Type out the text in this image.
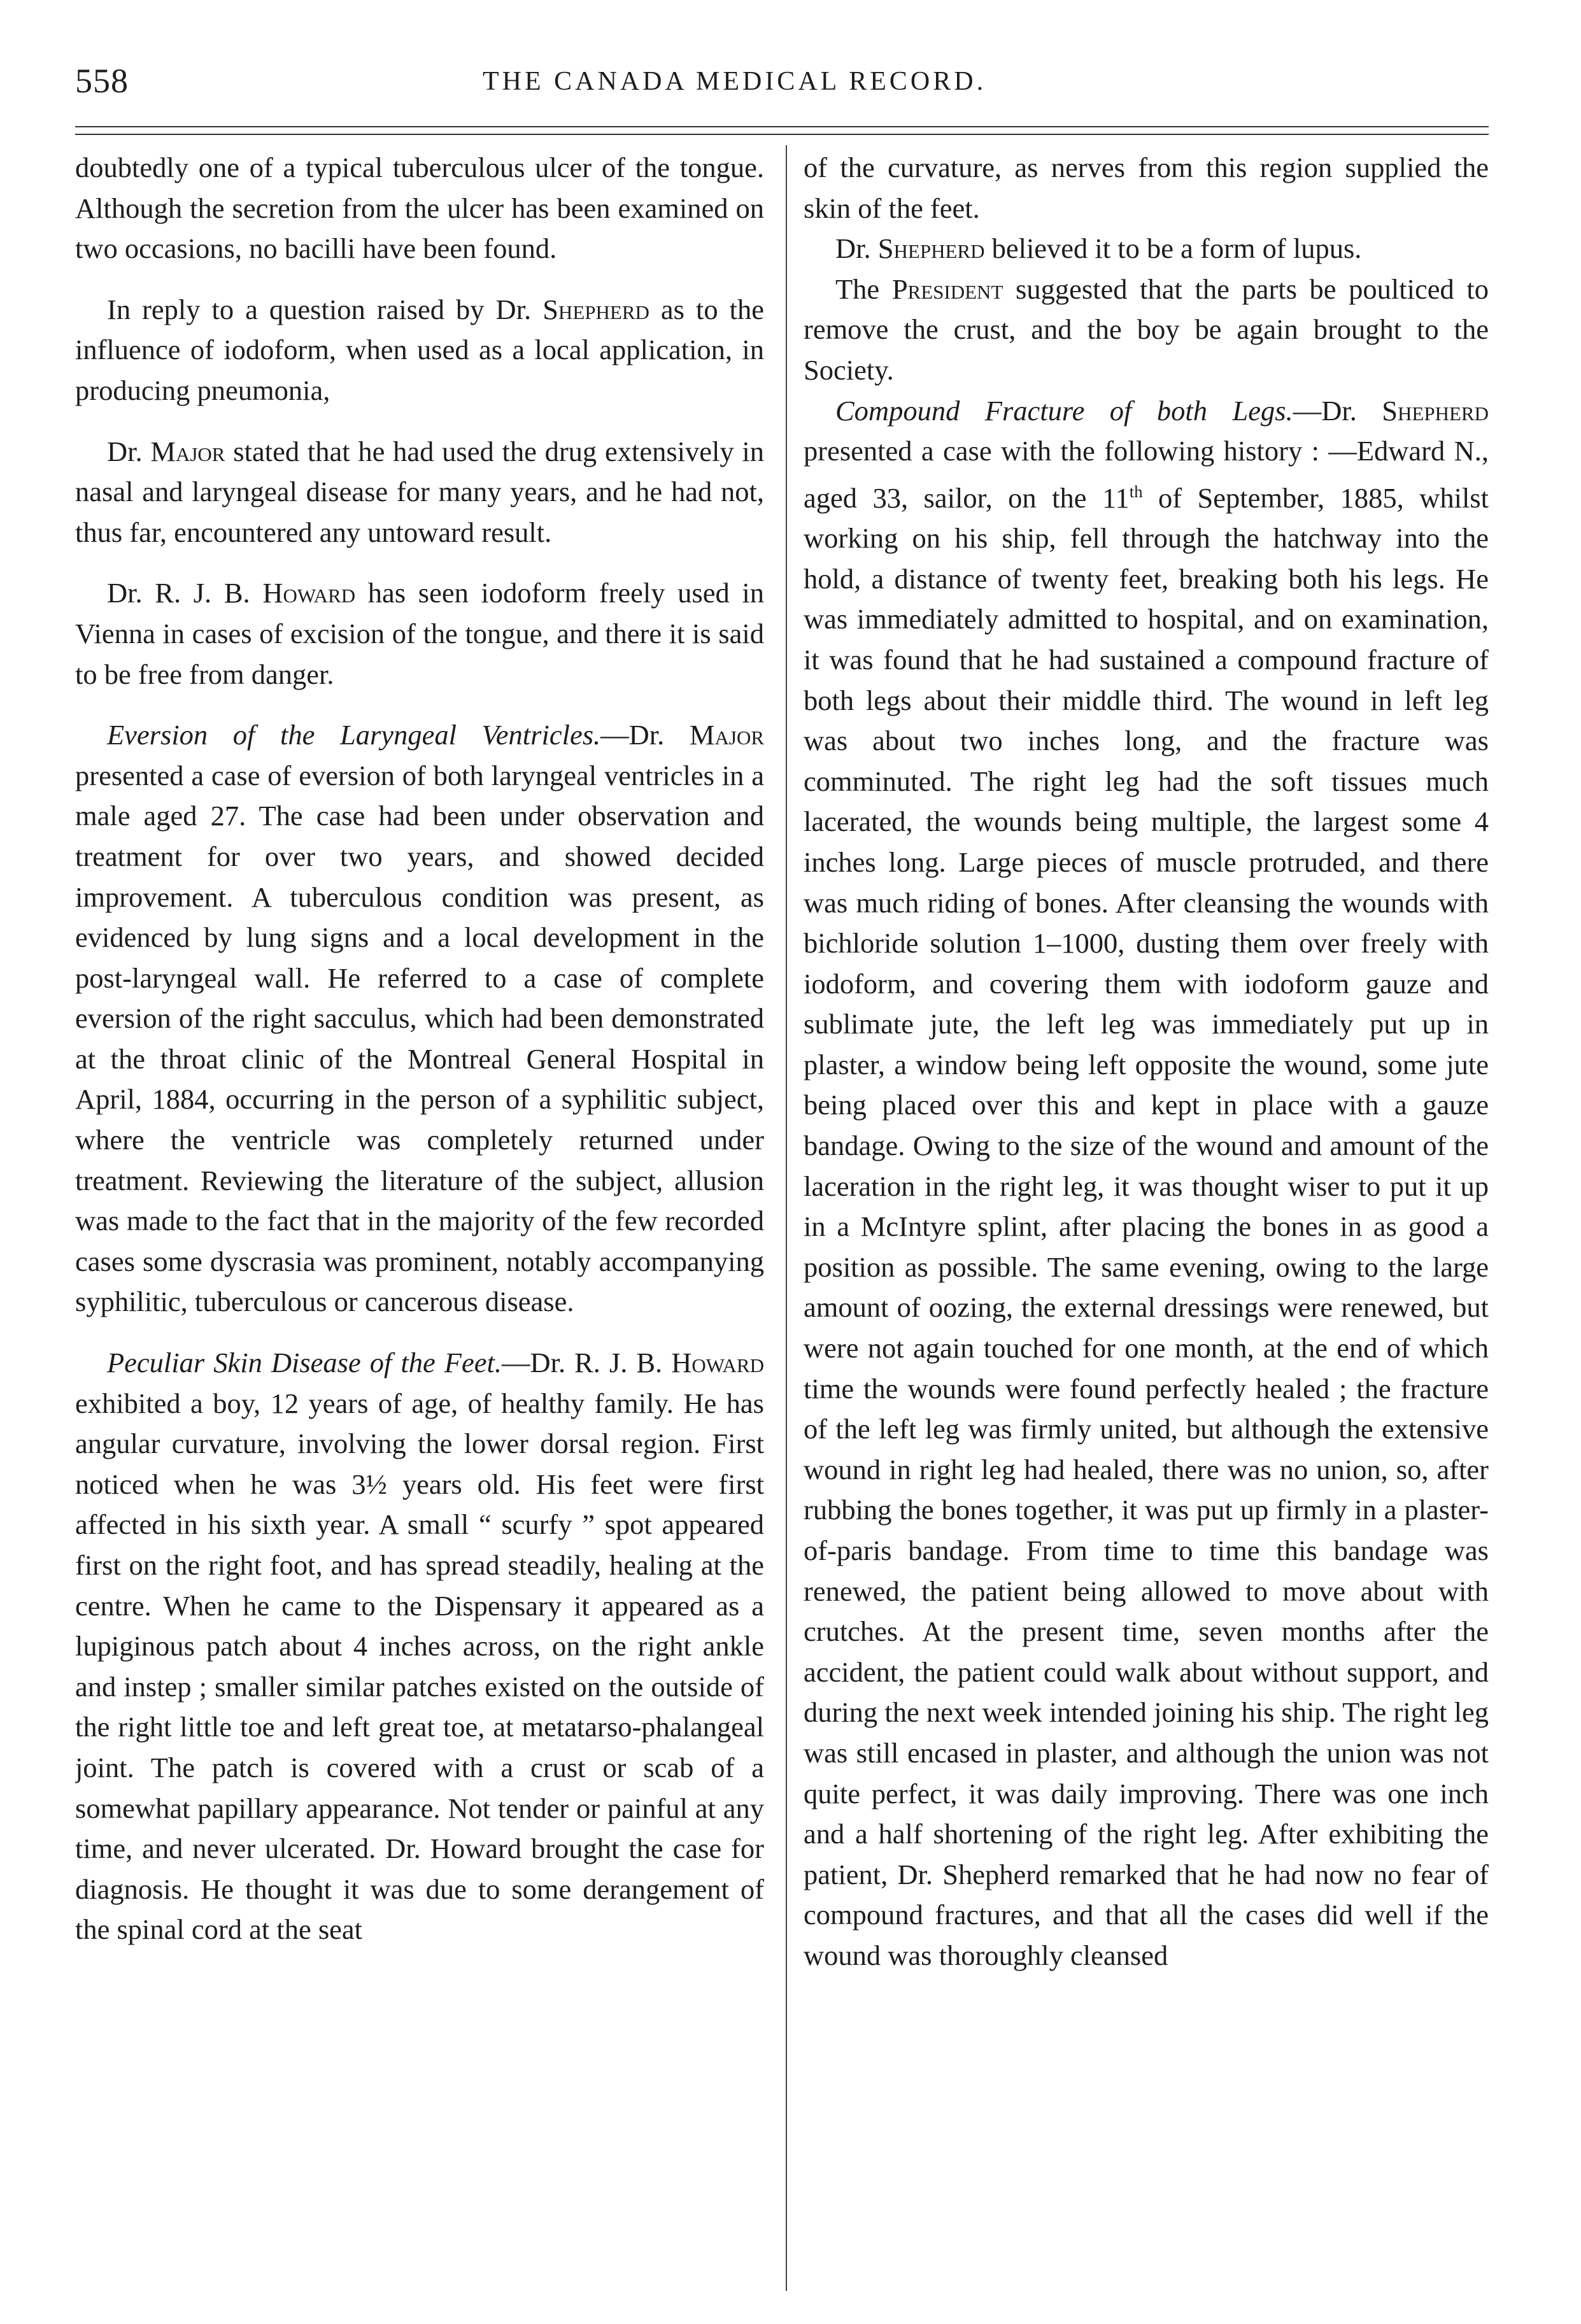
558	THE CANADA MEDICAL RECORD.

doubtedly one of a typical tuberculous ulcer of the tongue. Although the secretion from the ulcer has been examined on two occasions, no bacilli have been found.

In reply to a question raised by Dr. Shepherd as to the influence of iodoform, when used as a local application, in producing pneumonia,

Dr. Major stated that he had used the drug extensively in nasal and laryngeal disease for many years, and he had not, thus far, encountered any untoward result.

Dr. R. J. B. Howard has seen iodoform freely used in Vienna in cases of excision of the tongue, and there it is said to be free from danger.

Eversion of the Laryngeal Ventricles.—Dr. Major presented a case of eversion of both laryngeal ventricles in a male aged 27. The case had been under observation and treatment for over two years, and showed decided improvement. A tuberculous condition was present, as evidenced by lung signs and a local development in the post-laryngeal wall. He referred to a case of complete eversion of the right sacculus, which had been demonstrated at the throat clinic of the Montreal General Hospital in April, 1884, occurring in the person of a syphilitic subject, where the ventricle was completely returned under treatment. Reviewing the literature of the subject, allusion was made to the fact that in the majority of the few recorded cases some dyscrasia was prominent, notably accompanying syphilitic, tuberculous or cancerous disease.

Peculiar Skin Disease of the Feet.—Dr. R. J. B. Howard exhibited a boy, 12 years of age, of healthy family. He has angular curvature, involving the lower dorsal region. First noticed when he was 3½ years old. His feet were first affected in his sixth year. A small “ scurfy ” spot appeared first on the right foot, and has spread steadily, healing at the centre. When he came to the Dispensary it appeared as a lupiginous patch about 4 inches across, on the right ankle and instep ; smaller similar patches existed on the outside of the right little toe and left great toe, at metatarso-phalangeal joint. The patch is covered with a crust or scab of a somewhat papillary appearance. Not tender or painful at any time, and never ulcerated. Dr. Howard brought the case for diagnosis. He thought it was due to some derangement of the spinal cord at the seat

of the curvature, as nerves from this region supplied the skin of the feet.

Dr. Shepherd believed it to be a form of lupus.

The President suggested that the parts be poulticed to remove the crust, and the boy be again brought to the Society.

Compound Fracture of both Legs.—Dr. Shepherd presented a case with the following history : —Edward N., aged 33, sailor, on the 11th of September, 1885, whilst working on his ship, fell through the hatchway into the hold, a distance of twenty feet, breaking both his legs. He was immediately admitted to hospital, and on examination, it was found that he had sustained a compound fracture of both legs about their middle third. The wound in left leg was about two inches long, and the fracture was comminuted. The right leg had the soft tissues much lacerated, the wounds being multiple, the largest some 4 inches long. Large pieces of muscle protruded, and there was much riding of bones. After cleansing the wounds with bichloride solution 1–1000, dusting them over freely with iodoform, and covering them with iodoform gauze and sublimate jute, the left leg was immediately put up in plaster, a window being left opposite the wound, some jute being placed over this and kept in place with a gauze bandage. Owing to the size of the wound and amount of the laceration in the right leg, it was thought wiser to put it up in a McIntyre splint, after placing the bones in as good a position as possible. The same evening, owing to the large amount of oozing, the external dressings were renewed, but were not again touched for one month, at the end of which time the wounds were found perfectly healed ; the fracture of the left leg was firmly united, but although the extensive wound in right leg had healed, there was no union, so, after rubbing the bones together, it was put up firmly in a plaster-of-paris bandage. From time to time this bandage was renewed, the patient being allowed to move about with crutches. At the present time, seven months after the accident, the patient could walk about without support, and during the next week intended joining his ship. The right leg was still encased in plaster, and although the union was not quite perfect, it was daily improving. There was one inch and a half shortening of the right leg. After exhibiting the patient, Dr. Shepherd remarked that he had now no fear of compound fractures, and that all the cases did well if the wound was thoroughly cleansed
